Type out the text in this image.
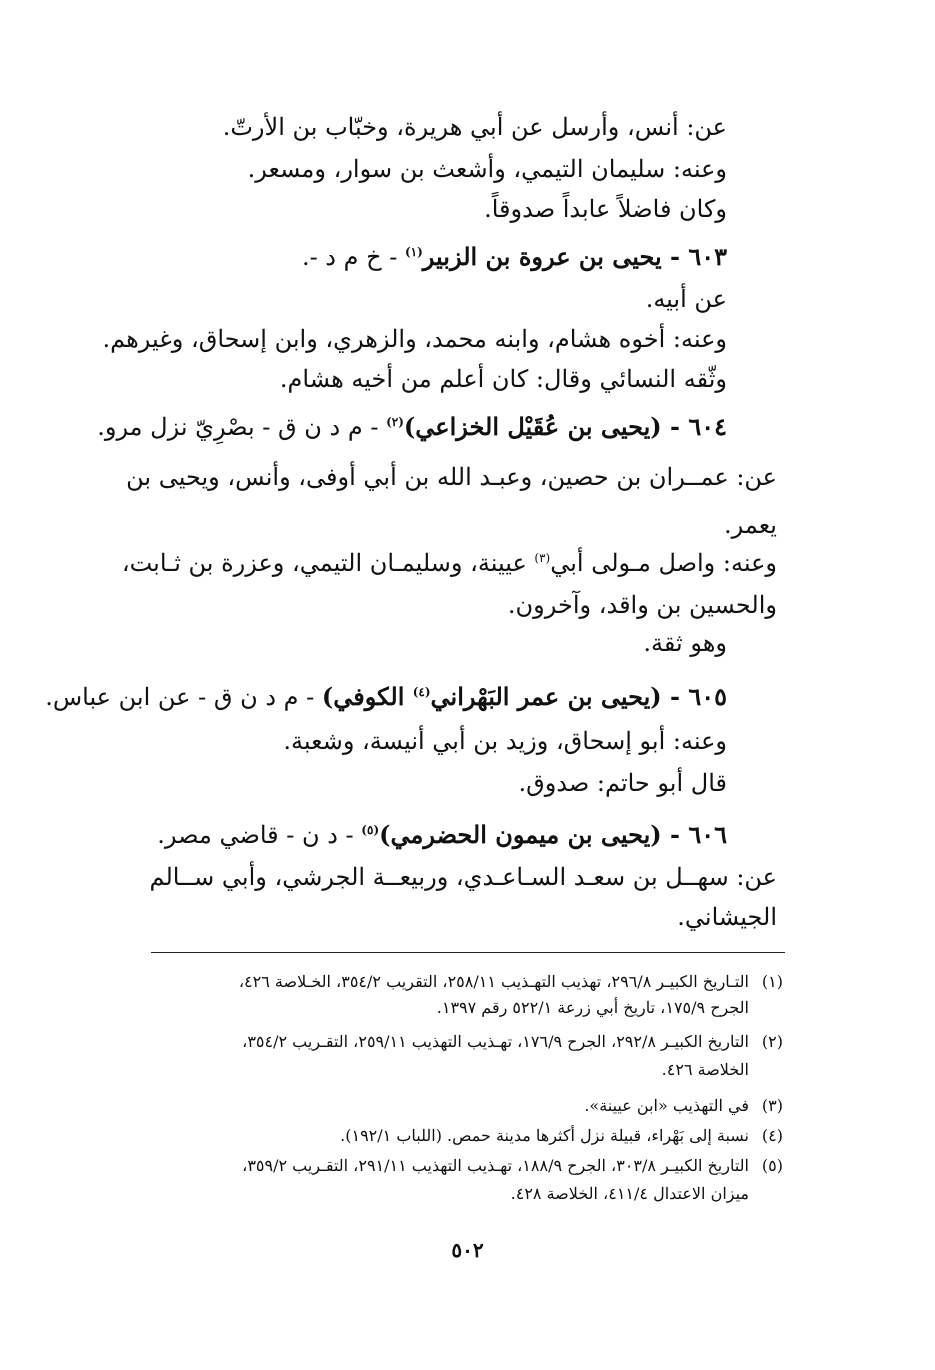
عن: أنس، وأرسل عن أبي هريرة، وخبّاب بن الأرتّ.
وعنه: سليمان التيمي، وأشعث بن سوار، ومسعر.
وكان فاضلاً عابداً صدوقاً.
٦٠٣ - يحيى بن عروة بن الزبير$^{(١)}$ - خ م د -.
عن أبيه.
وعنه: أخوه هشام، وابنه محمد، والزهري، وابن إسحاق، وغيرهم.
وثّقه النسائي وقال: كان أعلم من أخيه هشام.
٦٠٤ - (يحيى بن عُقَيْل الخزاعي)$^{(٢)}$ - م د ن ق - بصْرِيّ نزل مرو.
عن: عمــران بن حصين، وعبـد الله بن أبي أوفى، وأنس، ويحيى بن
يعمر.
وعنه: واصل مـولى أبي$^{(٣)}$ عيينة، وسليمـان التيمي، وعزرة بن ثـابت،
والحسين بن واقد، وآخرون.
وهو ثقة.
٦٠٥ - (يحيى بن عمر البَهْراني$^{(٤)}$ الكوفي) - م د ن ق - عن ابن عباس.
وعنه: أبو إسحاق، وزيد بن أبي أنيسة، وشعبة.
قال أبو حاتم: صدوق.
٦٠٦ - (يحيى بن ميمون الحضرمي)$^{(٥)}$ - د ن - قاضي مصر.
عن: سهــل بن سعـد السـاعـدي، وربيعــة الجرشي، وأبي ســالم
الجيشاني.
(١)التـاريخ الكبيـر ٢٩٦/٨، تهذيب التهـذيب ٢٥٨/١١، التقريب ٣٥٤/٢، الخـلاصة ٤٢٦،
الجرح ١٧٥/٩، تاريخ أبي زرعة ٥٢٢/١ رقم ١٣٩٧.
(٢)التاريخ الكبيـر ٢٩٢/٨، الجرح ١٧٦/٩، تهـذيب التهذيب ٢٥٩/١١، التقـريب ٣٥٤/٢،
الخلاصة ٤٢٦.
(٣)في التهذيب «ابن عيينة».
(٤)نسبة إلى بَهْراء، قبيلة نزل أكثرها مدينة حمص. (اللباب ١٩٢/١).
(٥)التاريخ الكبيـر ٣٠٣/٨، الجرح ١٨٨/٩، تهـذيب التهذيب ٢٩١/١١، التقـريب ٣٥٩/٢،
ميزان الاعتدال ٤١١/٤، الخلاصة ٤٢٨.
٥٠٢
